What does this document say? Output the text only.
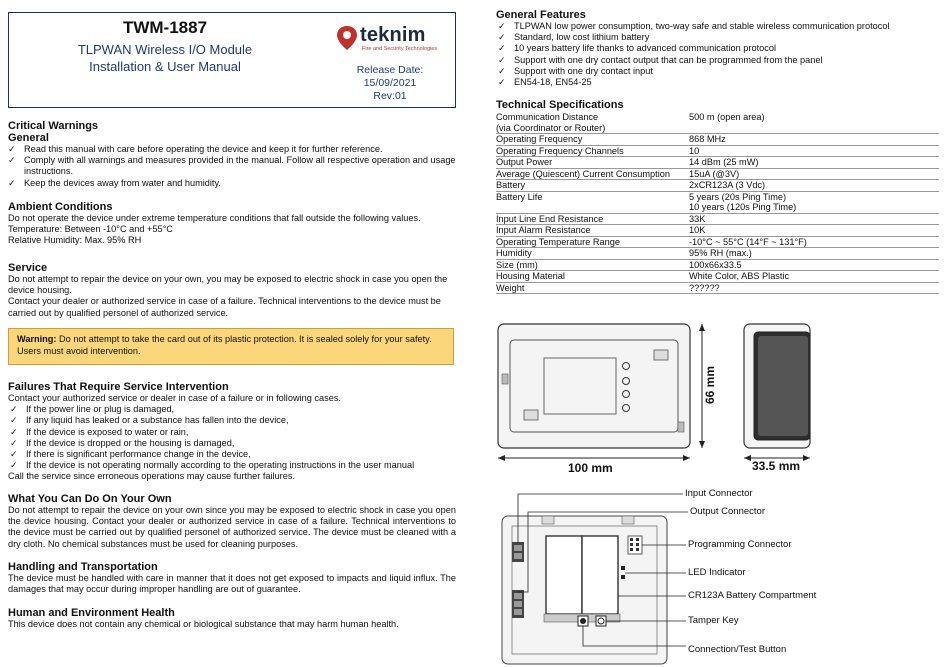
TWM-1887
TLPWAN Wireless I/O Module
Installation & User Manual
teknim
Fire and Security Technologies
Release Date: 15/09/2021
Rev:01
Critical Warnings
General
✓ Read this manual with care before operating the device and keep it for further reference.
✓ Comply with all warnings and measures provided in the manual. Follow all respective operation and usage instructions.
✓ Keep the devices away from water and humidity.
Ambient Conditions
Do not operate the device under extreme temperature conditions that fall outside the following values.
Temperature: Between -10°C and +55°C
Relative Humidity: Max. 95% RH
Service
Do not attempt to repair the device on your own, you may be exposed to electric shock in case you open the device housing.
Contact your dealer or authorized service in case of a failure. Technical interventions to the device must be carried out by qualified personel of authorized service.
Warning: Do not attempt to take the card out of its plastic protection. It is sealed solely for your safety. Users must avoid intervention.
Failures That Require Service Intervention
Contact your authorized service or dealer in case of a failure or in following cases.
✓ If the power line or plug is damaged,
✓ If any liquid has leaked or a substance has fallen into the device,
✓ If the device is exposed to water or rain,
✓ If the device is dropped or the housing is damaged,
✓ If there is significant performance change in the device,
✓ If the device is not operating normally according to the operating instructions in the user manual
Call the service since erroneous operations may cause further failures.
What You Can Do On Your Own
Do not attempt to repair the device on your own since you may be exposed to electric shock in case you open the device housing. Contact your dealer or authorized service in case of a failure. Technical interventions to the device must be carried out by qualified personel of authorized service. The device must be cleaned with a dry cloth. No chemical substances must be used for cleaning purposes.
Handling and Transportation
The device must be handled with care in manner that it does not get exposed to impacts and liquid influx. The damages that may occur during improper handling are out of guarantee.
Human and Environment Health
This device does not contain any chemical or biological substance that may harm human health.
General Features
✓ TLPWAN low power consumption, two-way safe and stable wireless communication protocol
✓ Standard, low cost lithium battery
✓ 10 years battery life thanks to advanced communication protocol
✓ Support with one dry contact output that can be programmed from the panel
✓ Support with one dry contact input
✓ EN54-18, EN54-25
Technical Specifications
Communication Distance
(via Coordinator or Router)	500 m (open area)

Operating Frequency	868 MHz

Operating Frequency Channels	10

Output Power	14 dBm (25 mW)

Average (Quiescent) Current Consumption	15uA (@3V)

Battery	2xCR123A (3 Vdc)

Battery Life	5 years (20s Ping Time)
10 years (120s Ping Time)

Input Line End Resistance	33K

Input Alarm Resistance	10K

Operating Temperature Range	-10°C ~ 55°C (14°F ~ 131°F)

Humidity	95% RH (max.)

Size (mm)	100x66x33.5

Housing Material	White Color, ABS Plastic

Weight	??????
100 mm
66 mm
33.5 mm
Input Connector
Output Connector
Programming Connector
LED Indicator
CR123A Battery Compartment
Tamper Key
Connection/Test Button
